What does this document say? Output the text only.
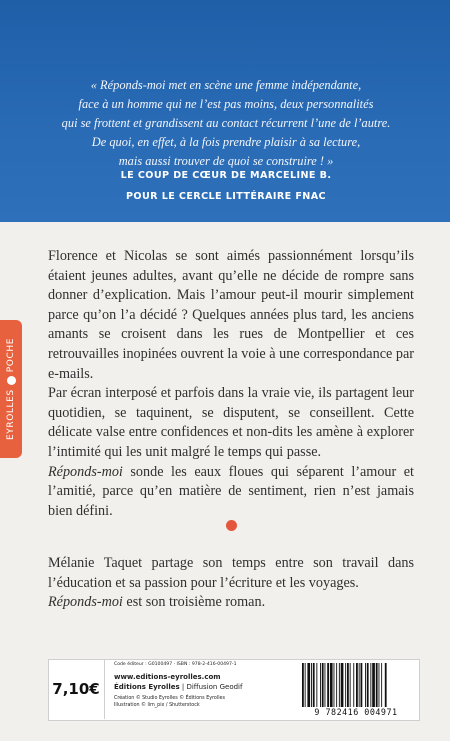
« Réponds-moi met en scène une femme indépendante,

face à un homme qui ne l’est pas moins, deux personnalités

qui se frottent et grandissent au contact récurrent l’une de l’autre.

De quoi, en effet, à la fois prendre plaisir à sa lecture,

mais aussi trouver de quoi se construire ! »

LE COUP DE CŒUR DE MARCELINE B.

POUR LE CERCLE LITTÉRAIRE FNAC

EYROLLES
POCHE

Florence et Nicolas se sont aimés passionnément lorsqu’ils étaient jeunes adultes, avant qu’elle ne décide de rompre sans donner d’explication. Mais l’amour peut-il mourir simplement parce qu’on l’a décidé ? Quelques années plus tard, les anciens amants se croisent dans les rues de Montpellier et ces retrouvailles inopinées ouvrent la voie à une correspondance par e-mails.

Par écran interposé et parfois dans la vraie vie, ils partagent leur quotidien, se taquinent, se disputent, se conseillent. Cette délicate valse entre confidences et non-dits les amène à explorer l’intimité qui les unit malgré le temps qui passe.

Réponds-moi sonde les eaux floues qui séparent l’amour et l’amitié, parce qu’en matière de sentiment, rien n’est jamais bien défini.

Mélanie Taquet partage son temps entre son travail dans l’éducation et sa passion pour l’écriture et les voyages.

Réponds-moi est son troisième roman.

7,10€
Code éditeur : G0100497 · ISBN : 978-2-416-00497-1
www.editions-eyrolles.com
Éditions Eyrolles | Diffusion Geodif
Création © Studio Eyrolles © Éditions Eyrolles
Illustration © lim_pix / Shutterstock
9 782416 004971
